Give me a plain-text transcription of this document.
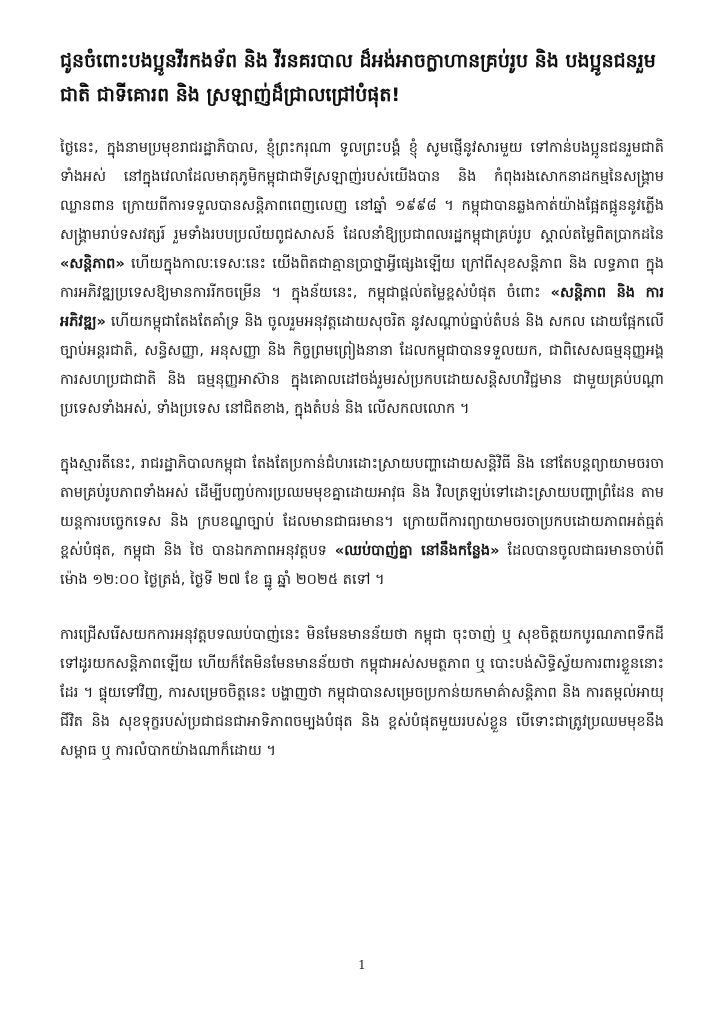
ជូនចំពោះបងប្អូនវីរកងទ័ព និង វីរនគរបាល ដ៏អង់អាចក្លាហានគ្រប់រូប និង បងប្អូនជនរួមជាតិ ជាទីគោរព និង ស្រឡាញ់ដ៏ជ្រាលជ្រៅបំផុត!

ថ្ងៃនេះ, ក្នុងនាមប្រមុខរាជរដ្ឋាភិបាល, ខ្ញុំព្រះករុណា ទូលព្រះបង្គំ ខ្ញុំ សូមផ្ញើនូវសារមួយ ទៅកាន់បងប្អូនជនរួមជាតិទាំងអស់ នៅក្នុងវេលាដែលមាតុភូមិកម្ពុជាជាទីស្រឡាញ់របស់យើងបាន និង កំពុងរងសោកនាដកម្មនៃសង្គ្រាមឈ្លានពាន ក្រោយពីការទទួលបានសន្តិភាពពេញលេញ នៅឆ្នាំ ១៩៩៨ ។ កម្ពុជាបានឆ្លងកាត់យ៉ាងផ្អែតផ្អូននូវភ្លើងសង្គ្រាមរាប់ទសវត្សរ៍ រួមទាំងរបបប្រល័យពូជសាសន៍ ដែលនាំឱ្យប្រជាពលរដ្ឋកម្ពុជាគ្រប់រូប ស្គាល់តម្លៃពិតប្រាកដនៃ «សន្តិភាព» ហើយក្នុងកាលៈទេសៈនេះ យើងពិតជាគ្មានប្រាថ្នាអ្វីផ្សេងឡើយ ក្រៅពីសុខសន្តិភាព និង លទ្ធភាព ក្នុងការអភិវឌ្ឍប្រទេសឱ្យមានការរីកចម្រើន ។ ក្នុងន័យនេះ, កម្ពុជាផ្តល់តម្លៃខ្ពស់បំផុត ចំពោះ «សន្តិភាព និង ការអភិវឌ្ឍ» ហើយកម្ពុជាតែងតែគាំទ្រ និង ចូលរួមអនុវត្តដោយសុចរិត នូវសណ្តាប់ធ្នាប់តំបន់ និង សកល ដោយផ្អែកលើច្បាប់អន្តរជាតិ, សន្ធិសញ្ញា, អនុសញ្ញា និង កិច្ចព្រមព្រៀងនានា ដែលកម្ពុជាបានទទួលយក, ជាពិសេសធម្មនុញ្ញអង្គការសហប្រជាជាតិ និង ធម្មនុញ្ញអាស៊ាន ក្នុងគោលដៅចង់រួមរស់ប្រកបដោយសន្តិសហវិជ្ជមាន ជាមួយគ្រប់បណ្តាប្រទេសទាំងអស់, ទាំងប្រទេស នៅជិតខាង, ក្នុងតំបន់ និង លើសកលលោក ។

ក្នុងស្មារតីនេះ, រាជរដ្ឋាភិបាលកម្ពុជា តែងតែប្រកាន់ជំហរដោះស្រាយបញ្ហាដោយសន្តិវិធី និង នៅតែបន្តព្យាយាមចរចាតាមគ្រប់រូបភាពទាំងអស់ ដើម្បីបញ្ចប់ការប្រឈមមុខគ្នាដោយអាវុធ និង វិលត្រឡប់ទៅដោះស្រាយបញ្ហាព្រំដែន តាមយន្តការបច្ចេកទេស និង ក្របខណ្ឌច្បាប់ ដែលមានជាធរមាន។ ក្រោយពីការព្យាយាមចរចាប្រកបដោយភាពអត់ធ្មត់ខ្ពស់បំផុត, កម្ពុជា និង ថៃ បានឯកភាពអនុវត្តបទ «ឈប់បាញ់គ្នា នៅនឹងកន្លែង» ដែលបានចូលជាធរមានចាប់ពីម៉ោង ១២:០០ ថ្ងៃត្រង់, ថ្ងៃទី ២៧ ខែ ធ្នូ ឆ្នាំ ២០២៥ តទៅ ។

ការជ្រើសរើសយកការអនុវត្តបទឈប់បាញ់នេះ មិនមែនមានន័យថា កម្ពុជា ចុះចាញ់ ឬ សុខចិត្តយកបូរណភាពទឹកដី ទៅដូរយកសន្តិភាពឡើយ ហើយក៏តែមិនមែនមានន័យថា កម្ពុជាអស់សមត្ថភាព ឬ បោះបង់សិទ្ធិស្វ័យការពារខ្លួននោះដែរ ។ ផ្ទុយទៅវិញ, ការសម្រេចចិត្តនេះ បង្ហាញថា កម្ពុជាបានសម្រេចប្រកាន់យកមាគ៌ាសន្តិភាព និង ការតម្កល់អាយុជីវិត និង សុខទុក្ខរបស់ប្រជាជនជាអាទិភាពចម្បងបំផុត និង ខ្ពស់បំផុតមួយរបស់ខ្លួន បើទោះជាត្រូវប្រឈមមុខនឹងសម្ពាធ ឬ ការលំបាកយ៉ាងណាក៏ដោយ ។

1
